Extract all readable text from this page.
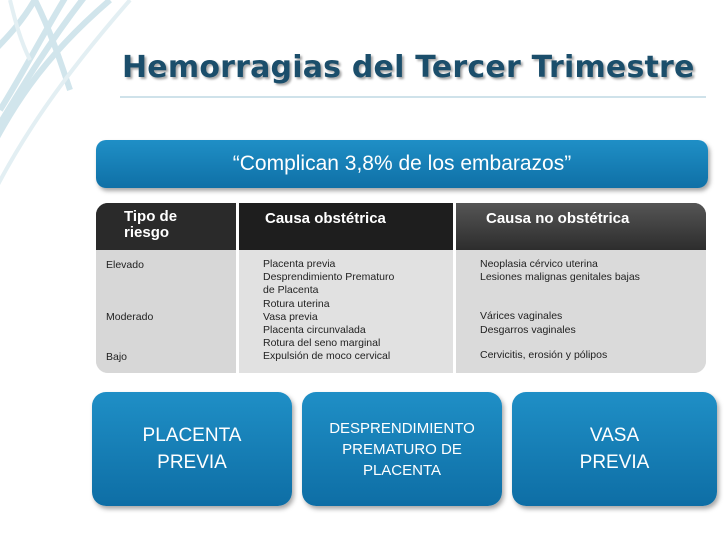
Hemorragias del Tercer Trimestre
“Complican 3,8% de los embarazos”
Tipo de
riesgo
Causa obstétrica	Causa no obstétrica
Elevado
Moderado
Bajo
Placenta previa
Desprendimiento Prematuro
de Placenta
Rotura uterina
Vasa previa
Placenta circunvalada
Rotura del seno marginal
Expulsión de moco cervical
Neoplasia cérvico uterina
Lesiones malignas genitales bajas
Várices vaginales
Desgarros vaginales
Cervicitis, erosión y pólipos
PLACENTA
PREVIA
DESPRENDIMIENTO
PREMATURO DE
PLACENTA
VASA
PREVIA
